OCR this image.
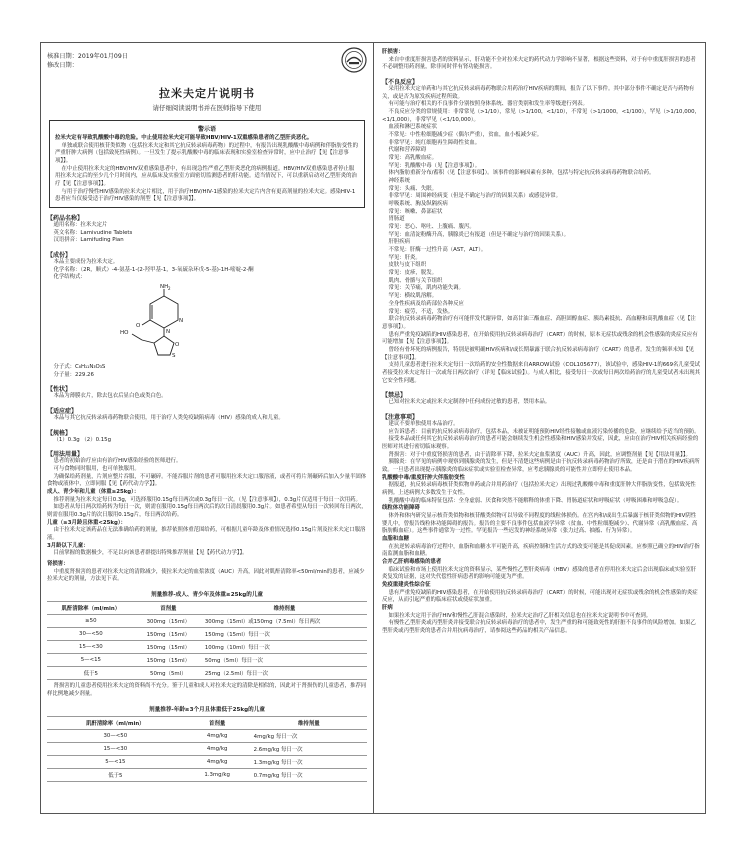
核准日期：2019年01月09日
修改日期：
拉米夫定片说明书
请仔细阅读说明书并在医师指导下使用
警示语

拉米夫定有导致乳酸酸中毒的危险。中止使用拉米夫定可能导致HBV/HIV-1双重感染患者的乙型肝炎恶化。

单独或联合使用核苷类似物（包括拉米夫定和其它抗反转录病毒药物）的过程中，有报告出现乳酸酸中毒病例和伴脂肪变性的严重肝肿大病例（包括致死性病例）。一旦发生了提示乳酸酸中毒的临床表现和实验室检查异常时，应中止治疗【见【注意事项】】。

在中止使用拉米夫定的HBV/HIV双重感染患者中，有出现急性严重乙型肝炎恶化的病例报道。HBV/HIV双重感染患者停止服用拉米夫定后的至少几个月时间内，应从临床及实验室方面密切监测患者的肝功能。适当情况下，可以重新启动对乙型肝炎的治疗【见【注意事项】】。

与用于治疗慢性HIV感染的拉米夫定片相比，用于治疗HBV/HIV-1感染的拉米夫定片内含有更高剂量的拉米夫定。感染HIV-1患者应当仅接受适于治疗HIV感染的剂型【见【注意事项】】。

【药品名称】

通用名称：拉米夫定片

英文名称：Lamivudine Tablets

汉语拼音：Lamifuding Pian

【成份】

本品主要成份为拉米夫定。

化学名称：（2R，顺式）-4-氨基-1-(2-羟甲基-1，3-氧硫杂环戊-5-基)-1H-嘧啶-2-酮

化学结构式：

NH 2
N
O
N
S
HO
O

分子式：C₈H₁₁N₃O₃S

分子量：229.26

【性状】

本品为薄膜衣片，除去包衣后显白色或类白色。

【适应症】

本品与其它抗反转录病毒药物联合使用，用于治疗人类免疫缺陷病毒（HIV）感染的成人和儿童。

【规格】

（1）0.3g （2）0.15g

【用法用量】

患者的初始治疗应由有治疗HIV感染经验的医师进行。

可与食物同时服用，也可单独服用。

为确保给药剂量，片剂应整片吞服，不可碾碎。不能吞服片剂的患者可服用拉米夫定口服溶液，或者可将片剂碾碎后加入少量半固体食物或液体中，立即同服【见【药代动力学】】。

成人、青少年和儿童（体重≥25kg）：

推荐剂量为拉米夫定每日0.3g，可选择服用0.15g每日两次或0.3g每日一次。（见【注意事项】），0.3g片仅适用于每日一次用药。

如患者从每日两次给药转为每日一次，则需在服用0.15g每日两次后的次日清晨服用0.3g片。如患者希望从每日一次转回每日两次，则需在服用0.3g片的次日服用0.15g片，每日两次给药。

儿童（≥3月龄且体重<25kg）：

由于拉米夫定该药品在无法准确给药的剂量，推荐依照体重范围给药，可根据儿童年龄及体重情况选择0.15g片剂及拉米夫定口服溶液。

3月龄以下儿童：

目前掌握的数据极少，不足以向该患者群提出特殊推荐剂量【见【药代动力学】】。

肾损害：

中重度肾损害的患者对拉米夫定的清除减少，使拉米夫定的血浆浓度（AUC）升高，因此对肌酐清除率<50ml/min的患者，应减少拉米夫定的剂量，方法见下表。

剂量推荐-成人、青少年及体重≥25kg的儿童
肌酐清除率（ml/min）	首剂量	维持剂量
≥50	300mg（15ml）	300mg（15ml）或150mg（7.5ml）每日两次
30—<50	150mg（15ml）	150mg（15ml）每日一次
15—<30	150mg（15ml）	100mg（10ml）每日一次
5—<15	150mg（15ml）	50mg（5ml）每日一次
低于5	50mg（5ml）	25mg（2.5ml）每日一次

肾损害的儿童患者使用拉米夫定的资料尚不充分。鉴于儿童和成人对拉米夫定的清除是相似的，因此对于肾损伤的儿童患者，推荐同样比例地减少剂量。

剂量推荐-年龄≥3个月且体重低于25kg的儿童
肌酐清除率（ml/min）	首剂量	维持剂量
30—<50	4mg/kg	4mg/kg 每日一次
15—<30	4mg/kg	2.6mg/kg 每日一次
5—<15	4mg/kg	1.3mg/kg 每日一次
低于5	1.3mg/kg	0.7mg/kg 每日一次

肝损害：

来自中重度肝损害患者的资料显示，肝功能不全对拉米夫定的药代动力学影响不显著，根据这些资料，对于有中重度肝损害的患者不必调整用药剂量，除非同时伴有肾功能损害。

【不良反应】

采用拉米夫定单药和与其它抗反转录病毒药物联合用药治疗HIV疾病的期间，报告了以下事件。其中部分事件不确定是否与药物有关，或是否为原发疾病过程所致。

有可能与治疗相关的不良事件分别按照身体系统、器官类别和发生率等级进行列表。

不良反应分类的常规使用：非常常见（>1/10），常见（>1/100，<1/10），不常见（>1/1000，<1/100），罕见（>1/10,000，<1/1,000），非常罕见（<1/10,000）。

血液和淋巴系统症状

不常见：中性粒细胞减少症（偶尔严重），贫血，血小板减少症。

非常罕见：纯红细胞再生障碍性贫血。

代谢和营养障碍

常见：高乳酸血症。

罕见：乳酸酸中毒（见【注意事项】）。

体内脂肪重新分布/蓄积（见【注意事项】）。该事件的影响因素有多种，包括与特定抗反转录病毒药物联合给药。

神经系统

常见：头痛、失眠。

非常罕见：周围神经病变（但是不确定与治疗的因果关系）或感觉异常。

呼吸系统、胸及纵隔疾病

常见：咳嗽、鼻部症状

胃肠道

常见：恶心、呕吐、上腹痛、腹泻。

罕见：血清淀粉酶升高，胰腺炎已有报道（但是不确定与治疗的因果关系）。

肝胆疾病

不常见：肝酶一过性升高（AST，ALT）。

罕见：肝炎。

皮肤与皮下组织

常见：皮疹，脱发。

肌肉、骨骼与关节组织

常见：关节痛，肌肉功能失调。

罕见：横纹肌溶解。

全身性疾病及给药部位各种反应

常见：疲劳，不适，发热。

联合抗反转录病毒药物治疗有可能伴发代谢异常，如高甘油三酯血症、高胆固醇血症、胰岛素抵抗、高血糖和高乳酸血症（见【注意事项】）。

患有严重免疫缺陷的HIV感染患者，在开始使用抗反转录病毒治疗（CART）的时候，原本无症状或残余的机会性感染的炎症反应有可能增加【见【注意事项】】。

曾经有骨坏死的病例报告，特别是被明确HIV疾病和/或长期暴露于联合抗反转录病毒治疗（CART）的患者。发生的频率未知【见【注意事项】】。

支持儿童患者进行拉米夫定每日一次给药的安全性数据来自ARROW试验（COL105677），该试验中，感染HIV-1的669名儿童受试者接受拉米夫定每日一次或每日两次治疗（详见【临床试验】）。与成人相比，接受每日一次或每日两次给药治疗的儿童受试者未出现其它安全性问题。

【禁忌】

已知对拉米夫定或拉米夫定制剂中任何成份过敏的患者，禁用本品。

【注意事项】

建议不要单独使用本品治疗。

应告诉患者：目前的抗反转录病毒治疗，包括本品，未被证明能预防HIV经性接触或血液污染传播的危险，应继续给予适当的预防。

接受本品或任何其它抗反转录病毒治疗的患者可能会继续发生机会性感染和HIV感染并发症，因此，应由在治疗HIV相关疾病经验的医师对其进行密切临床观察。

肾损害：对于中重度肾损害的患者，由于清除率下降，拉米夫定血浆浓度（AUC）升高，因此，应调整剂量【见【用法用量】】。

胰腺炎：在罕见的病例中观察到胰腺炎的发生，但是不清楚这些病例是由于抗反转录病毒药物治疗所致，还是由于潜在的HIV疾病所致。一旦患者出现提示胰腺炎的临床症状或实验室检查异常，应考虑胰腺炎的可能性并立即停止使用本品。

乳酸酸中毒/重度肝肿大伴脂肪变性

据报道，抗反转录病毒核苷类似物单药或合并用药治疗（包括拉米夫定）出现过乳酸酸中毒和重度肝肿大伴脂肪变性，包括致死性病例。上述病例大多数发生于女性。

乳酸酸中毒的临床特征包括：全身虚弱、厌食和突然不能解释的体重下降、胃肠道症状和呼吸症状（呼吸困难和呼吸急促）。

线粒体功能障碍

体外和体内研究显示核苷类似物和核苷酸类似物可以导致不同程度的线粒体损伤。在宫内和/或出生后暴露于核苷类似物的HIV阴性婴儿中，曾报告线粒体功能障碍的报告。报告的主要不良事件包括血液学异常（贫血、中性粒细胞减少）、代谢异常（高乳酸血症、高脂肪酶血症）。这些事件通常为一过性。罕见报告一些迟发的神经系统异常（张力过高、抽搐、行为异常）。

血脂和血糖

在抗逆转录病毒治疗过程中，血脂和血糖水平可能升高，疾病控制和生活方式的改变可能是其促成因素。应参照已确立的HIV治疗指南监测血脂和血糖。

合并乙肝病毒感染的患者

临床试验和市场上使用拉米夫定的资料显示，某些慢性乙型肝炎病毒（HBV）感染的患者在停用拉米夫定后会出现临床或实验室肝炎复发的证据，这对失代偿性肝病患者的影响可能更为严重。

免疫重建炎性综合征

患有严重免疫缺陷的HIV感染患者，在开始使用抗反转录病毒治疗（CART）的时候，可能出现对无症状或残余的机会性感染的炎症反应，从而引起严重的临床症状或使症状加重。

肝病

如果拉米夫定用于治疗HIV和慢性乙肝混合感染时，拉米夫定治疗乙肝相关信息也在拉米夫定说明书中可查到。

有慢性乙型肝炎或丙型肝炎并接受联合抗反转录病毒治疗的患者中，发生严重的和可能致死性的肝脏不良事件的风险增加。如果乙型肝炎或丙型肝炎的患者合并用抗病毒治疗，请参阅这些药品的相关产品信息。
